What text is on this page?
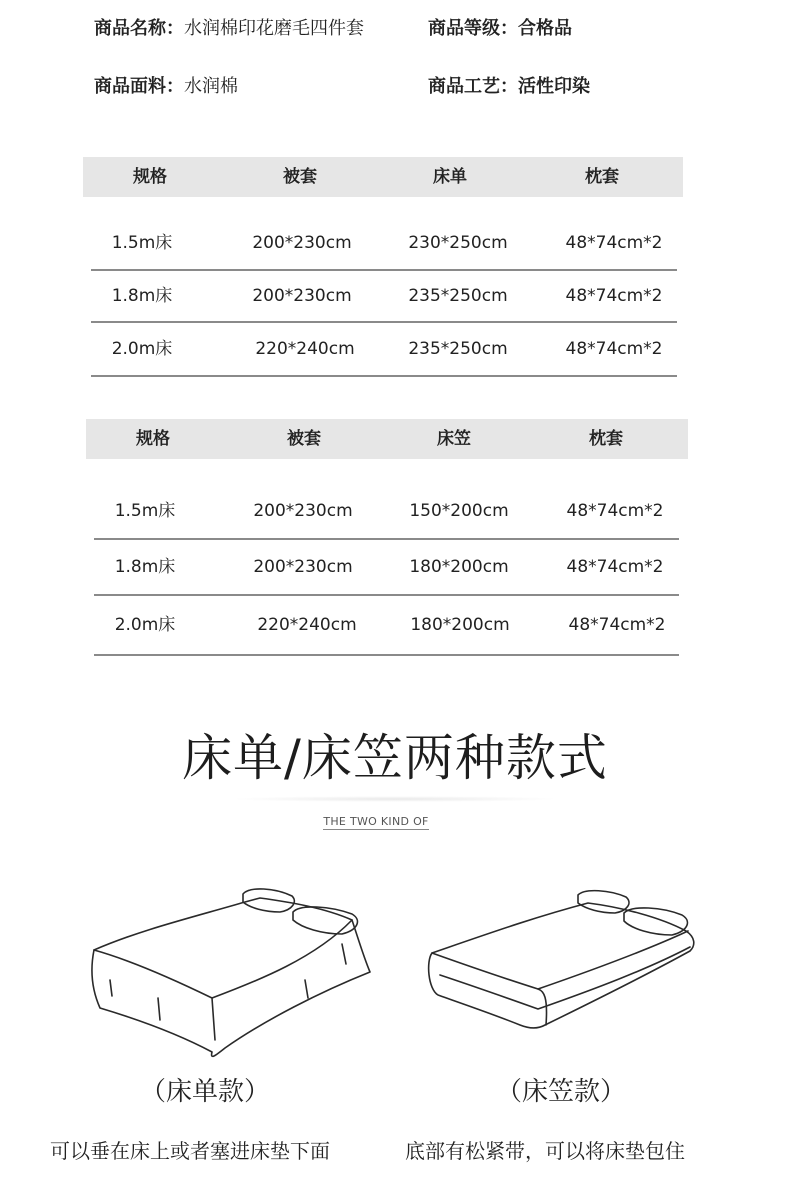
商品名称：水润棉印花磨毛四件套	商品等级：合格品
商品面料：水润棉	商品工艺：活性印染
规格	被套	床单	枕套
1.5m床	200*230cm	230*250cm	48*74cm*2
1.8m床	200*230cm	235*250cm	48*74cm*2
2.0m床	220*240cm	235*250cm	48*74cm*2
规格	被套	床笠	枕套
1.5m床	200*230cm	150*200cm	48*74cm*2
1.8m床	200*230cm	180*200cm	48*74cm*2
2.0m床	220*240cm	180*200cm	48*74cm*2
床单/床笠两种款式
THE TWO KIND OF
（床单款）	（床笠款）
可以垂在床上或者塞进床垫下面	底部有松紧带，可以将床垫包住
